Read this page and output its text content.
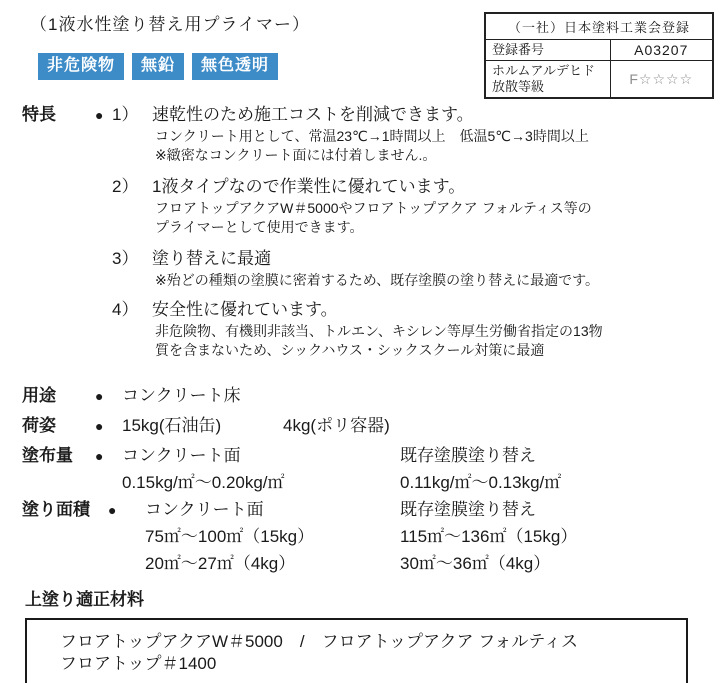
（1液水性塗り替え用プライマー）
非危険物	無鉛	無色透明
（一社）日本塗料工業会登録	
登録番号	A03207
ホルムアルデヒド放散等級	F☆☆☆☆
特長	● 1） 速乾性のため施工コストを削減できます。
コンクリート用として、常温23℃→1時間以上　低温5℃→3時間以上
※緻密なコンクリート面には付着しません.。
2） 1液タイプなので作業性に優れています。
フロアトップアクアW＃5000やフロアトップアクア フォルティス等の
プライマーとして使用できます。
3） 塗り替えに最適
※殆どの種類の塗膜に密着するため、既存塗膜の塗り替えに最適です。
4） 安全性に優れています。
非危険物、有機則非該当、トルエン、キシレン等厚生労働省指定の13物
質を含まないため、シックハウス・シックスクール対策に最適
用途	●	コンクリート床
荷姿	●	15kg(石油缶)	4kg(ポリ容器)
塗布量	●	コンクリート面	既存塗膜塗り替え
0.15kg/㎡～0.20kg/㎡	0.11kg/㎡～0.13kg/㎡
塗り面積	●	コンクリート面	既存塗膜塗り替え
75㎡～100㎡（15kg）	115㎡～136㎡（15kg）
20㎡～27㎡（4kg）	30㎡～36㎡（4kg）
上塗り適正材料
フロアトップアクアW＃5000　/　フロアトップアクア フォルティス
フロアトップ＃1400
